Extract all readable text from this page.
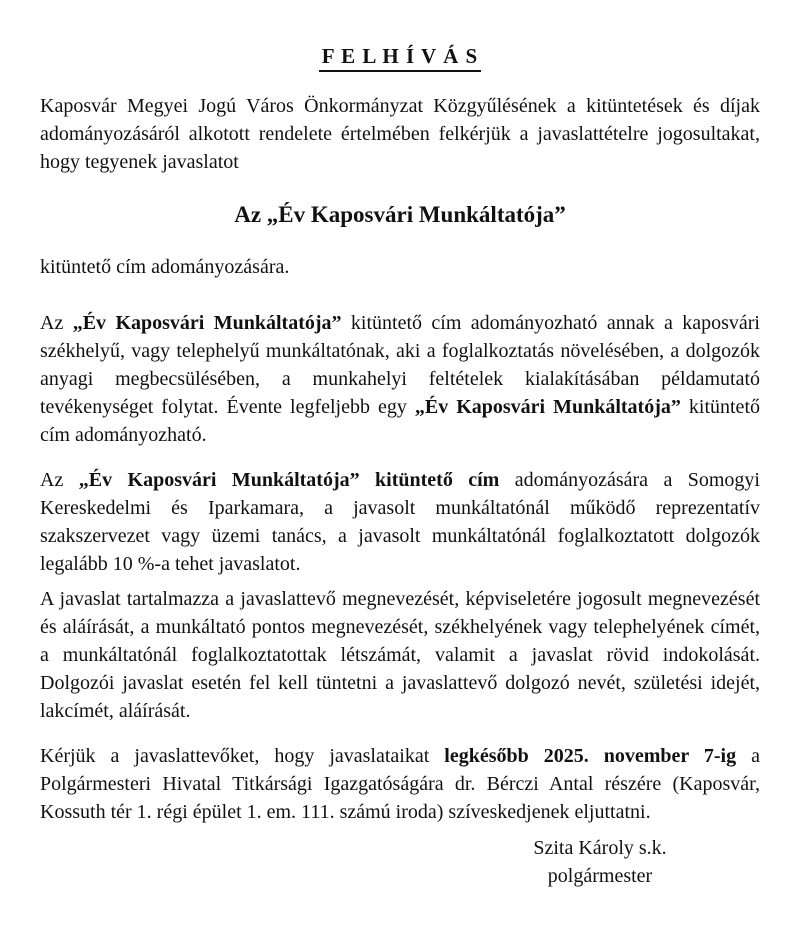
F E L H Í V Á S

Kaposvár Megyei Jogú Város Önkormányzat Közgyűlésének a kitüntetések és díjak adományozásáról alkotott rendelete értelmében felkérjük a javaslattételre jogosultakat, hogy tegyenek javaslatot

Az „Év Kaposvári Munkáltatója”

kitüntető cím adományozására.

Az „Év Kaposvári Munkáltatója” kitüntető cím adományozható annak a kaposvári székhelyű, vagy telephelyű munkáltatónak, aki a foglalkoztatás növelésében, a dolgozók anyagi megbecsülésében, a munkahelyi feltételek kialakításában példamutató tevékenységet folytat. Évente legfeljebb egy „Év Kaposvári Munkáltatója” kitüntető cím adományozható.

Az „Év Kaposvári Munkáltatója” kitüntető cím adományozására a Somogyi Kereskedelmi és Iparkamara, a javasolt munkáltatónál működő reprezentatív szakszervezet vagy üzemi tanács, a javasolt munkáltatónál foglalkoztatott dolgozók legalább 10 %-a tehet javaslatot.

A javaslat tartalmazza a javaslattevő megnevezését, képviseletére jogosult megnevezését és aláírását, a munkáltató pontos megnevezését, székhelyének vagy telephelyének címét, a munkáltatónál foglalkoztatottak létszámát, valamit a javaslat rövid indokolását. Dolgozói javaslat esetén fel kell tüntetni a javaslattevő dolgozó nevét, születési idejét, lakcímét, aláírását.

Kérjük a javaslattevőket, hogy javaslataikat legkésőbb 2025. november 7-ig a Polgármesteri Hivatal Titkársági Igazgatóságára dr. Bérczi Antal részére (Kaposvár, Kossuth tér 1. régi épület 1. em. 111. számú iroda) szíveskedjenek eljuttatni.

Szita Károly s.k.
polgármester
